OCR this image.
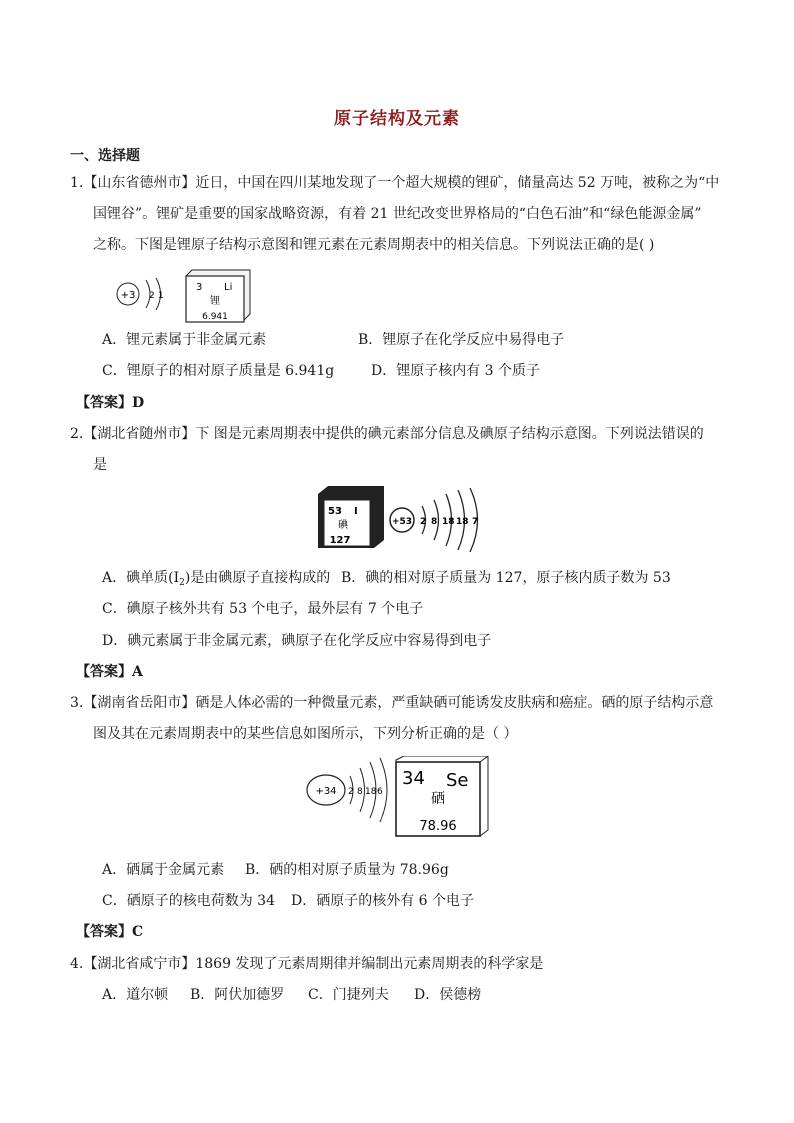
原子结构及元素
一、选择题
1.【山东省德州市】近日，中国在四川某地发现了一个超大规模的锂矿，储量高达 52 万吨，被称之为“中
国锂谷”。锂矿是重要的国家战略资源，有着 21 世纪改变世界格局的“白色石油”和“绿色能源金属”
之称。下图是锂原子结构示意图和锂元素在元素周期表中的相关信息。下列说法正确的是( )
+3 2 1
3 Li
锂
6.941
A．锂元素属于非金属元素	B．锂原子在化学反应中易得电子
C．锂原子的相对原子质量是 6.941g	D．锂原子核内有 3 个质子
【答案】D
2.【湖北省随州市】下 图是元素周期表中提供的碘元素部分信息及碘原子结构示意图。下列说法错误的
是
53 I
碘
127
+53 2 8 18 18 7
A．碘单质$(I_2)$是由碘原子直接构成的 B．碘的相对原子质量为 127，原子核内质子数为 53
C．碘原子核外共有 53 个电子，最外层有 7 个电子
D．碘元素属于非金属元素，碘原子在化学反应中容易得到电子
【答案】A
3.【湖南省岳阳市】硒是人体必需的一种微量元素，严重缺硒可能诱发皮肤病和癌症。硒的原子结构示意
图及其在元素周期表中的某些信息如图所示，下列分析正确的是（ ）
+34 2 8 18 6
34 Se
硒
78.96
A．硒属于金属元素 B．硒的相对原子质量为 78.96g
C．硒原子的核电荷数为 34 D．硒原子的核外有 6 个电子
【答案】C
4.【湖北省咸宁市】1869 发现了元素周期律并编制出元素周期表的科学家是
A．道尔顿 B．阿伏加德罗 C．门捷列夫 D．侯德榜
